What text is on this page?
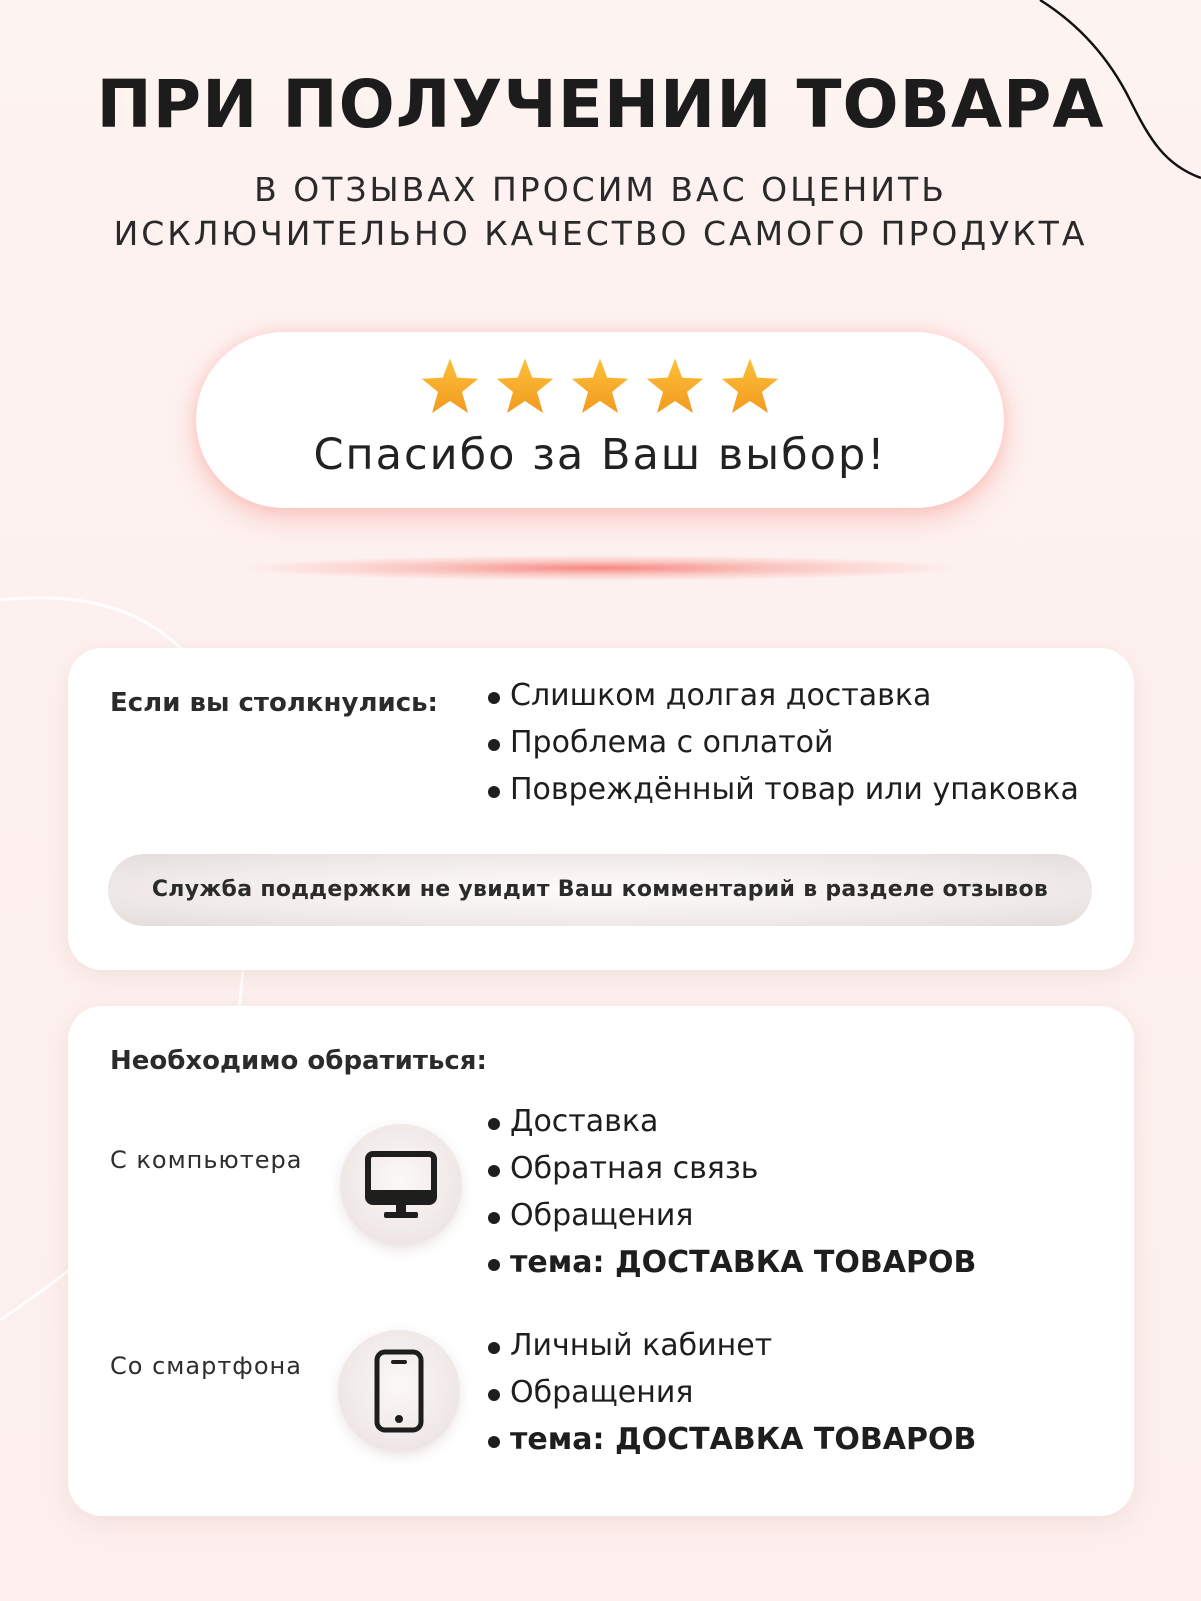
ПРИ ПОЛУЧЕНИИ ТОВАРА
В ОТЗЫВАХ ПРОСИМ ВАС ОЦЕНИТЬ
ИСКЛЮЧИТЕЛЬНО КАЧЕСТВО САМОГО ПРОДУКТА

Спасибо за Ваш выбор!
Если вы столкнулись:	Слишком долгая доставка
Проблема с оплатой
Повреждённый товар или упаковка
Служба поддержки не увидит Ваш комментарий в разделе отзывов
Необходимо обратиться:
С компьютера
Доставка
Обратная связь
Обращения
тема: ДОСТАВКА ТОВАРОВ
Со смартфона
Личный кабинет
Обращения
тема: ДОСТАВКА ТОВАРОВ
